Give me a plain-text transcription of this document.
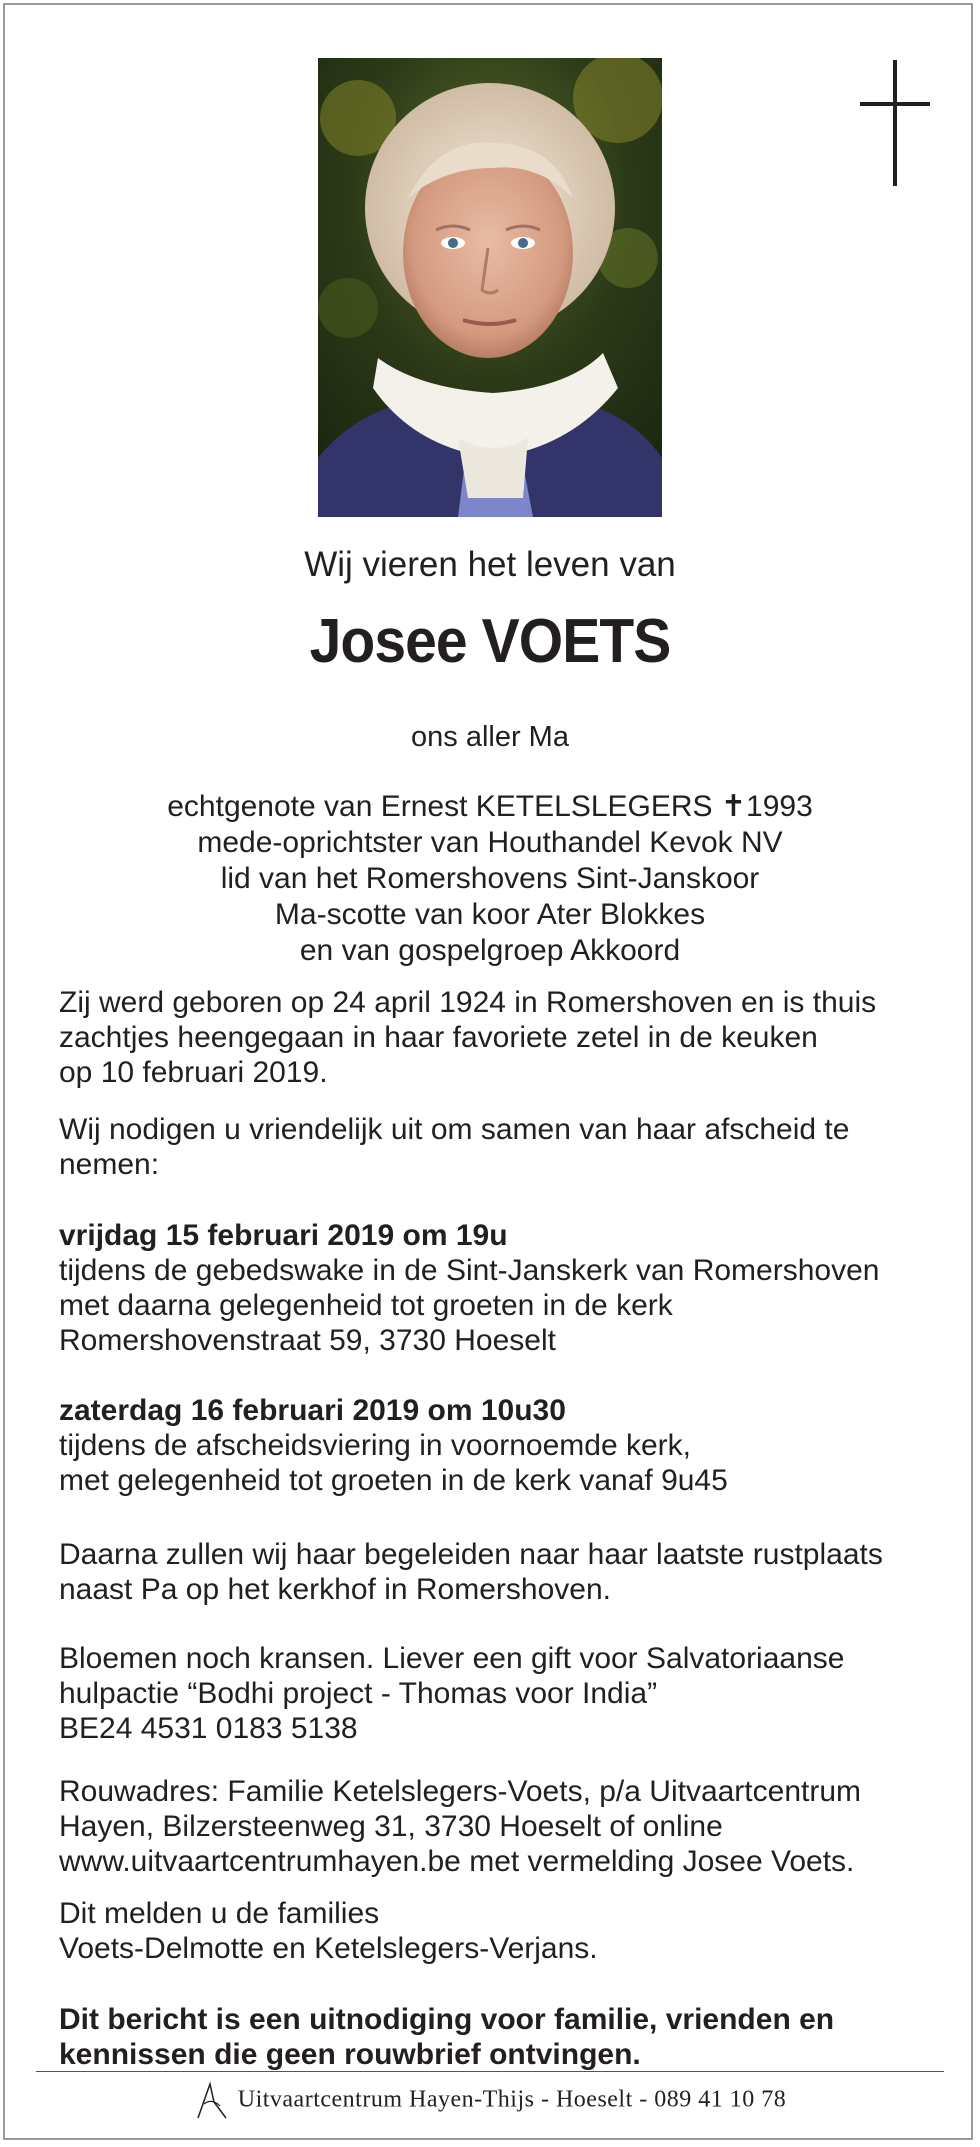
Wij vieren het leven van
Josee VOETS
ons aller Ma
echtgenote van Ernest KETELSLEGERS ✝1993
mede-oprichtster van Houthandel Kevok NV
lid van het Romershovens Sint-Janskoor
Ma-scotte van koor Ater Blokkes
en van gospelgroep Akkoord

Zij werd geboren op 24 april 1924 in Romershoven en is thuis

zachtjes heengegaan in haar favoriete zetel in de keuken

op 10 februari 2019.

Wij nodigen u vriendelijk uit om samen van haar afscheid te

nemen:

vrijdag 15 februari 2019 om 19u

tijdens de gebedswake in de Sint-Janskerk van Romershoven

met daarna gelegenheid tot groeten in de kerk

Romershovenstraat 59, 3730 Hoeselt

zaterdag 16 februari 2019 om 10u30

tijdens de afscheidsviering in voornoemde kerk,

met gelegenheid tot groeten in de kerk vanaf 9u45

Daarna zullen wij haar begeleiden naar haar laatste rustplaats

naast Pa op het kerkhof in Romershoven.

Bloemen noch kransen. Liever een gift voor Salvatoriaanse

hulpactie “Bodhi project - Thomas voor India”

BE24 4531 0183 5138

Rouwadres: Familie Ketelslegers-Voets, p/a Uitvaartcentrum

Hayen, Bilzersteenweg 31, 3730 Hoeselt of online

www.uitvaartcentrumhayen.be met vermelding Josee Voets.

Dit melden u de families

Voets-Delmotte en Ketelslegers-Verjans.

Dit bericht is een uitnodiging voor familie, vrienden en

kennissen die geen rouwbrief ontvingen.

Uitvaartcentrum Hayen-Thijs - Hoeselt - 089 41 10 78
